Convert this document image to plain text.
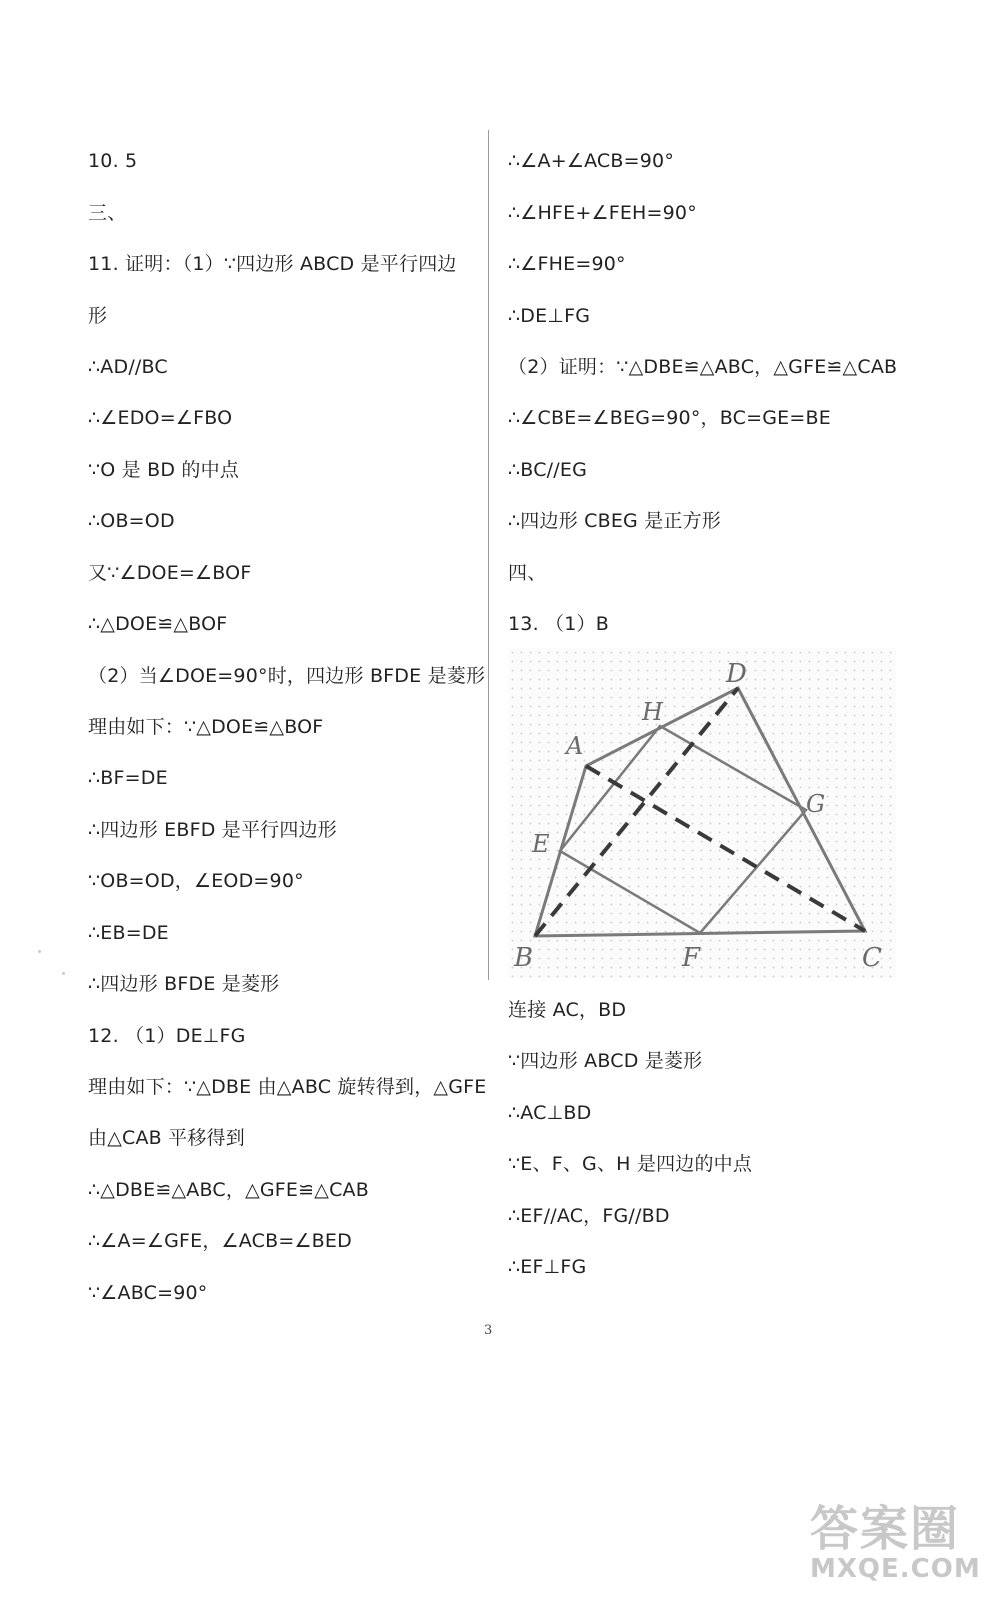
10. 5
三、
11. 证明：（1）∵四边形 ABCD 是平行四边
形
∴AD//BC
∴∠EDO=∠FBO
∵O 是 BD 的中点
∴OB=OD
又∵∠DOE=∠BOF
∴△DOE≌△BOF
（2）当∠DOE=90°时，四边形 BFDE 是菱形
理由如下：∵△DOE≌△BOF
∴BF=DE
∴四边形 EBFD 是平行四边形
∵OB=OD，∠EOD=90°
∴EB=DE
∴四边形 BFDE 是菱形
12. （1）DE⊥FG
理由如下：∵△DBE 由△ABC 旋转得到，△GFE
由△CAB 平移得到
∴△DBE≌△ABC，△GFE≌△CAB
∴∠A=∠GFE，∠ACB=∠BED
∵∠ABC=90°
∴∠A+∠ACB=90°
∴∠HFE+∠FEH=90°
∴∠FHE=90°
∴DE⊥FG
（2）证明：∵△DBE≌△ABC，△GFE≌△CAB
∴∠CBE=∠BEG=90°，BC=GE=BE
∴BC//EG
∴四边形 CBEG 是正方形
四、
13. （1）B
连接 AC，BD
∵四边形 ABCD 是菱形
∴AC⊥BD
∵E、F、G、H 是四边的中点
∴EF//AC，FG//BD
∴EF⊥FG
A
B	C
D
E
F
G
H
3
答案圈
MXQE.COM
